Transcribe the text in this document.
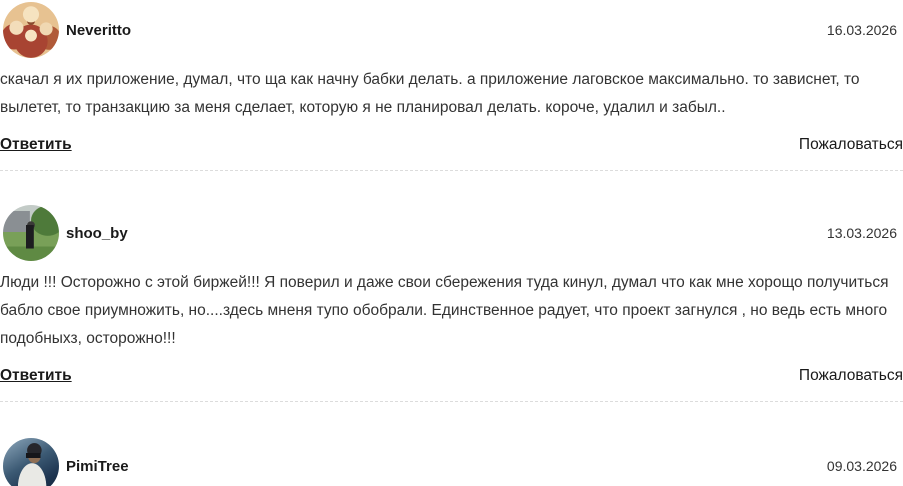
Neveritto	16.03.2026

скачал я их приложение, думал, что ща как начну бабки делать. а приложение лаговское максимально. то зависнет, то вылетет, то транзакцию за меня сделает, которую я не планировал делать. короче, удалил и забыл..

Ответить	Пожаловаться
shoo_by	13.03.2026

Люди !!! Осторожно с этой биржей!!! Я поверил и даже свои сбережения туда кинул, думал что как мне хорощо получиться бабло свое приумножить, но....здесь мненя тупо обобрали. Единственное радует, что проект загнулся , но ведь есть много подобныхз, осторожно!!!

Ответить	Пожаловаться
PimiTree	09.03.2026
